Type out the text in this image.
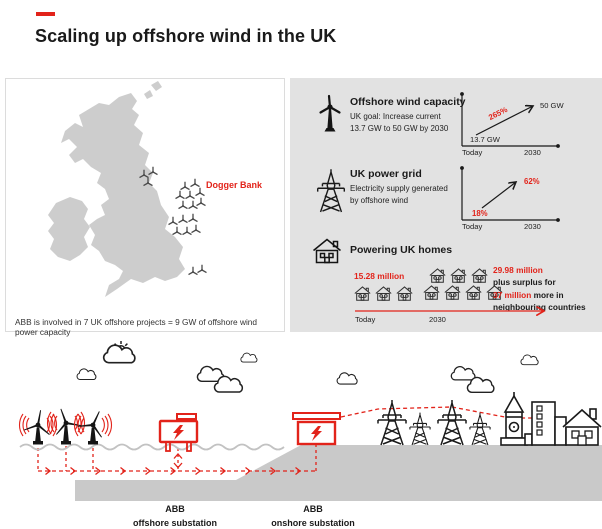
Scaling up offshore wind in the UK
Dogger Bank
ABB is involved in 7 UK offshore projects = 9 GW of offshore wind power capacity
Offshore wind capacity
UK goal: Increase current
13.7 GW to 50 GW by 2030
265%	50 GW
13.7 GW
Today	2030
UK power grid
Electricity supply generated
by offshore wind
18%
62%
Today	2030
Powering UK homes
15.28 million
29.98 million
plus surplus for
37 million more in
neighbouring countries
Today	2030
ABB
offshore substation
ABB
onshore substation
